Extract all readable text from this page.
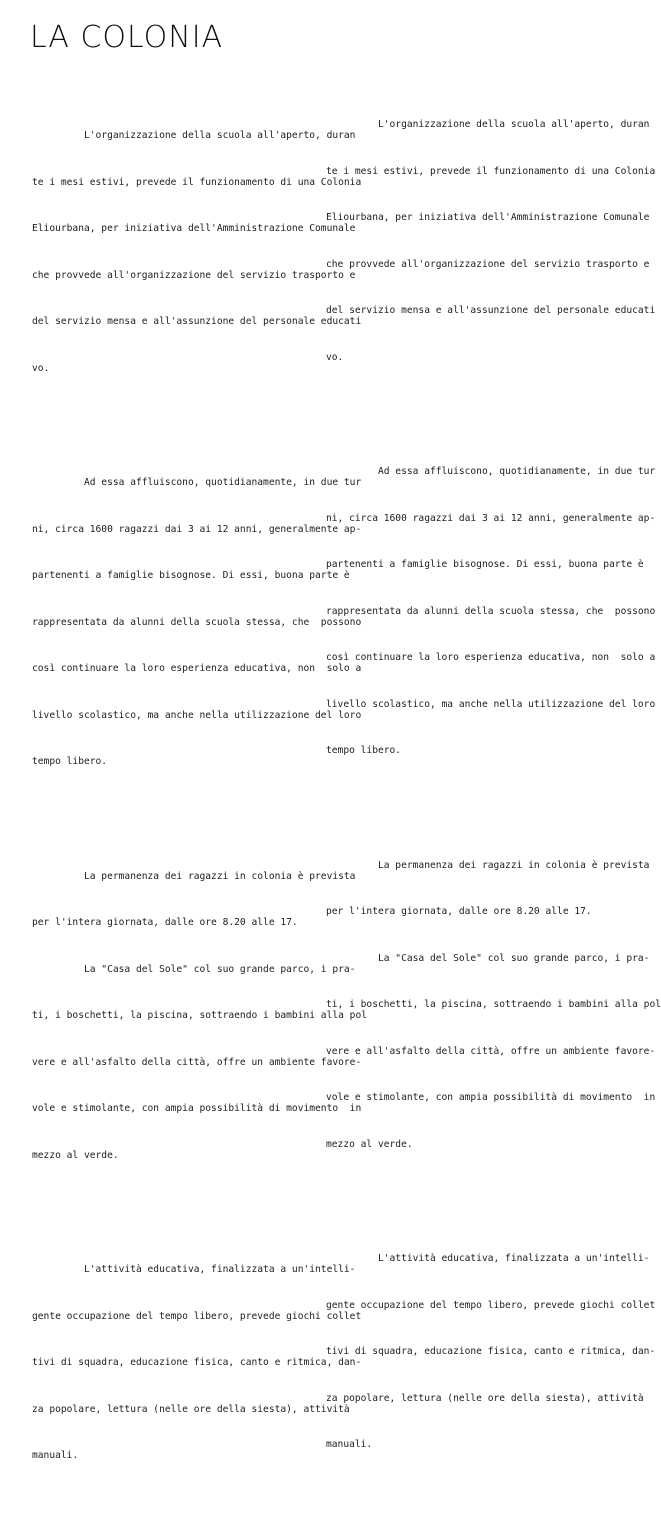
LA COLONIA

L'organizzazione della scuola all'aperto, duran

te i mesi estivi, prevede il funzionamento di una Colonia

Eliourbana, per iniziativa dell'Amministrazione Comunale

che provvede all'organizzazione del servizio trasporto e

del servizio mensa e all'assunzione del personale educati

vo.

Ad essa affluiscono, quotidianamente, in due tur

ni, circa 1600 ragazzi dai 3 ai 12 anni, generalmente ap-

partenenti a famiglie bisognose. Di essi, buona parte è

rappresentata da alunni della scuola stessa, che  possono

così continuare la loro esperienza educativa, non  solo a

livello scolastico, ma anche nella utilizzazione del loro

tempo libero.

La permanenza dei ragazzi in colonia è prevista

per l'intera giornata, dalle ore 8.20 alle 17.

La "Casa del Sole" col suo grande parco, i pra-

ti, i boschetti, la piscina, sottraendo i bambini alla pol

vere e all'asfalto della città, offre un ambiente favore-

vole e stimolante, con ampia possibilità di movimento  in

mezzo al verde.

L'attività educativa, finalizzata a un'intelli-

gente occupazione del tempo libero, prevede giochi collet

tivi di squadra, educazione fisica, canto e ritmica, dan-

za popolare, lettura (nelle ore della siesta), attività

manuali.

L'organizzazione della scuola all'aperto, duran

te i mesi estivi, prevede il funzionamento di una Colonia

Eliourbana, per iniziativa dell'Amministrazione Comunale

che provvede all'organizzazione del servizio trasporto e

del servizio mensa e all'assunzione del personale educati

vo.

Ad essa affluiscono, quotidianamente, in due tur

ni, circa 1600 ragazzi dai 3 ai 12 anni, generalmente ap-

partenenti a famiglie bisognose. Di essi, buona parte è

rappresentata da alunni della scuola stessa, che  possono

così continuare la loro esperienza educativa, non  solo a

livello scolastico, ma anche nella utilizzazione del loro

tempo libero.

La permanenza dei ragazzi in colonia è prevista

per l'intera giornata, dalle ore 8.20 alle 17.

La "Casa del Sole" col suo grande parco, i pra-

ti, i boschetti, la piscina, sottraendo i bambini alla pol

vere e all'asfalto della città, offre un ambiente favore-

vole e stimolante, con ampia possibilità di movimento  in

mezzo al verde.

L'attività educativa, finalizzata a un'intelli-

gente occupazione del tempo libero, prevede giochi collet

tivi di squadra, educazione fisica, canto e ritmica, dan-

za popolare, lettura (nelle ore della siesta), attività

manuali.
